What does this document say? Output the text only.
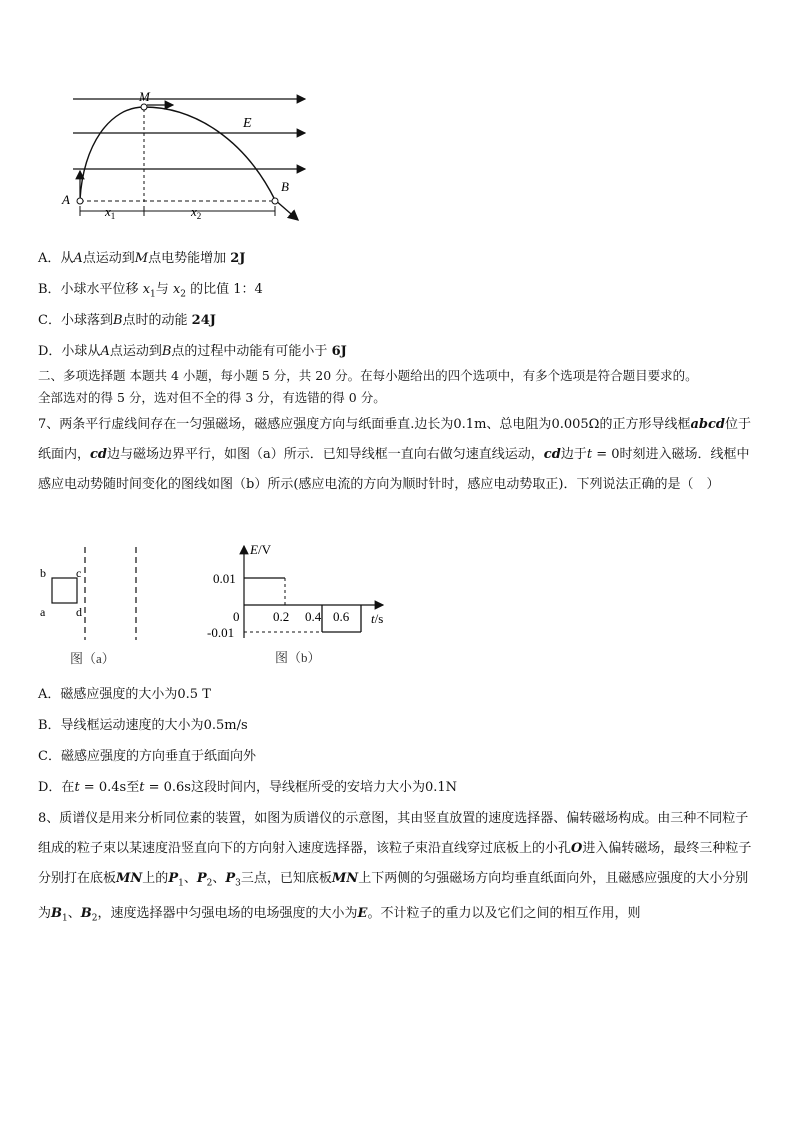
M
E
A
B
$x_1$	$x_2$
A．从A点运动到M点电势能增加 2J
B．小球水平位移 $x_1$与 $x_2$ 的比值 1：4
C．小球落到B点时的动能 24J
D．小球从A点运动到B点的过程中动能有可能小于 6J
二、多项选择题 本题共 4 小题，每小题 5 分，共 20 分。在每小题给出的四个选项中，有多个选项是符合题目要求的。
全部选对的得 5 分，选对但不全的得 3 分，有选错的得 0 分。
7、两条平行虚线间存在一匀强磁场，磁感应强度方向与纸面垂直.边长为0.1m、总电阻为0.005Ω的正方形导线框abcd位于纸面内，cd边与磁场边界平行，如图（a）所示．已知导线框一直向右做匀速直线运动，cd边于t = 0时刻进入磁场．线框中感应电动势随时间变化的图线如图（b）所示(感应电流的方向为顺时针时，感应电动势取正)．下列说法正确的是（　）
b	c
a	d
图（a）
E/V
0.01
-0.01
0	0.2 0.4 0.6 t/s
图（b）
A．磁感应强度的大小为0.5 T
B．导线框运动速度的大小为0.5m/s
C．磁感应强度的方向垂直于纸面向外
D．在t = 0.4s至t = 0.6s这段时间内，导线框所受的安培力大小为0.1N
8、质谱仪是用来分析同位素的装置，如图为质谱仪的示意图，其由竖直放置的速度选择器、偏转磁场构成。由三种不同粒子组成的粒子束以某速度沿竖直向下的方向射入速度选择器，该粒子束沿直线穿过底板上的小孔O进入偏转磁场，最终三种粒子分别打在底板MN上的$P_1$、$P_2$、$P_3$三点，已知底板MN上下两侧的匀强磁场方向均垂直纸面向外，且磁感应强度的大小分别为$B_1$、$B_2$，速度选择器中匀强电场的电场强度的大小为E。不计粒子的重力以及它们之间的相互作用，则
